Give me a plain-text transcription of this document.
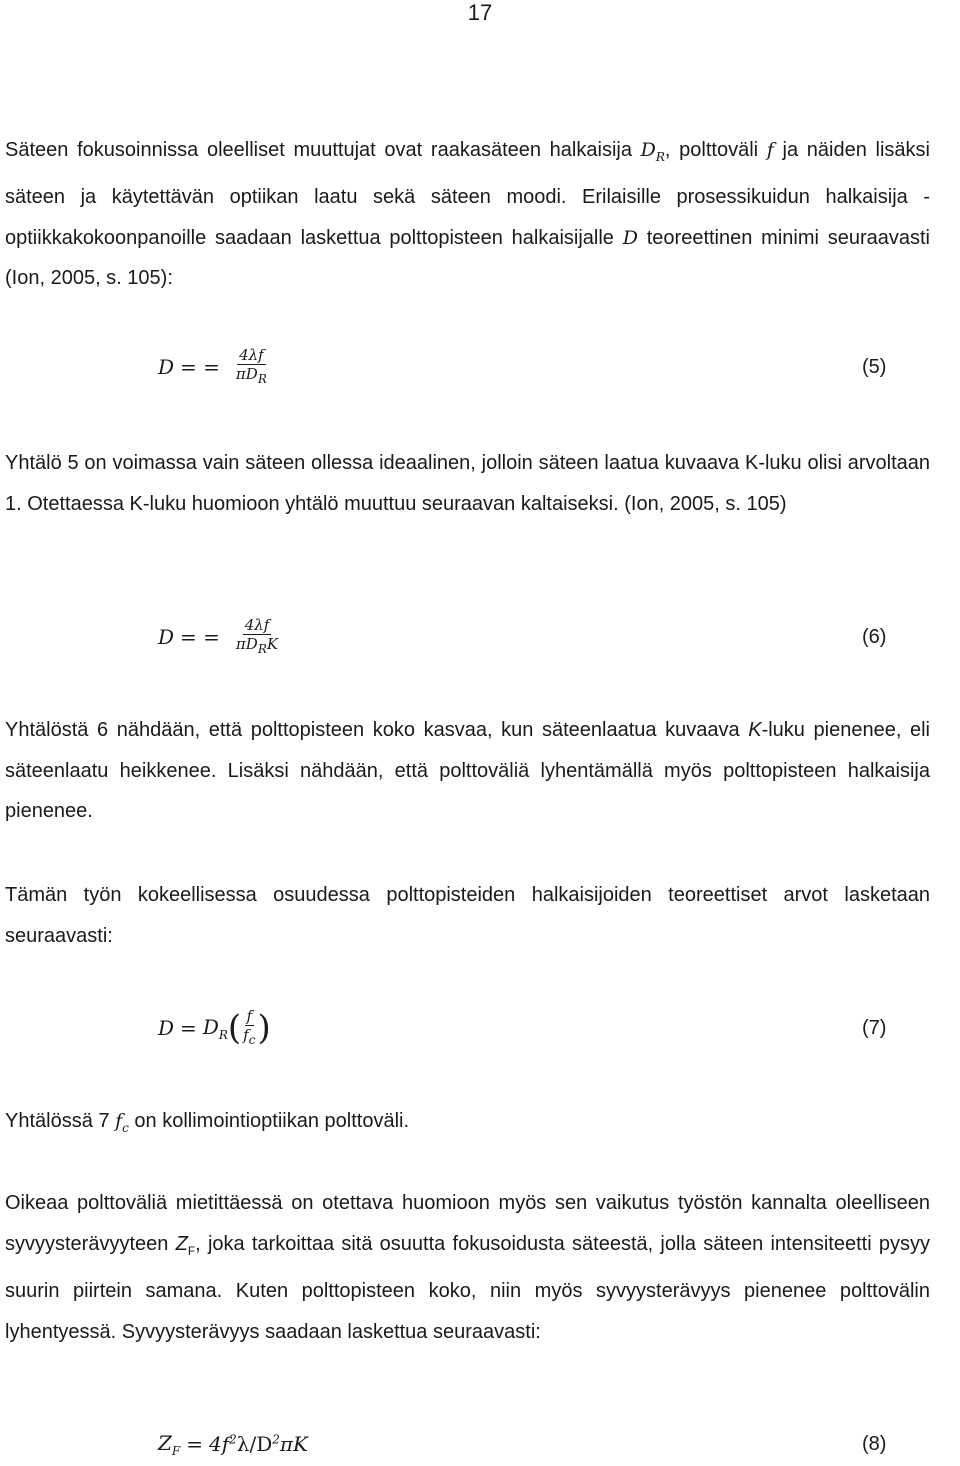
17

Säteen fokusoinnissa oleelliset muuttujat ovat raakasäteen halkaisija $D_R$, polttoväli f ja näiden lisäksi säteen ja käytettävän optiikan laatu sekä säteen moodi. Erilaisille prosessikuidun halkaisija - optiikkakokoonpanoille saadaan laskettua polttopisteen halkaisijalle D teoreettinen minimi seuraavasti (Ion, 2005, s. 105):

D = = $\frac{4\lambda f}{\pi D_R}$	(5)

Yhtälö 5 on voimassa vain säteen ollessa ideaalinen, jolloin säteen laatua kuvaava K-luku olisi arvoltaan 1. Otettaessa K-luku huomioon yhtälö muuttuu seuraavan kaltaiseksi. (Ion, 2005, s. 105)

D = = $\frac{4\lambda f}{\pi D_RK}$	(6)

Yhtälöstä 6 nähdään, että polttopisteen koko kasvaa, kun säteenlaatua kuvaava K-luku pienenee, eli säteenlaatu heikkenee. Lisäksi nähdään, että polttoväliä lyhentämällä myös polttopisteen halkaisija pienenee.

Tämän työn kokeellisessa osuudessa polttopisteiden halkaisijoiden teoreettiset arvot lasketaan seuraavasti:

$D = D_R$ ( $\frac{f}{f_c}$ )	(7)

Yhtälössä 7 $f_c$ on kollimointioptiikan polttoväli.

Oikeaa polttoväliä mietittäessä on otettava huomioon myös sen vaikutus työstön kannalta oleelliseen syvyysterävyyteen $Z_F$, joka tarkoittaa sitä osuutta fokusoidusta säteestä, jolla säteen intensiteetti pysyy suurin piirtein samana. Kuten polttopisteen koko, niin myös syvyysterävyys pienenee polttovälin lyhentyessä. Syvyysterävyys saadaan laskettua seuraavasti:

$Z_F = 4f^2\lambda/D^2\pi K$	(8)
